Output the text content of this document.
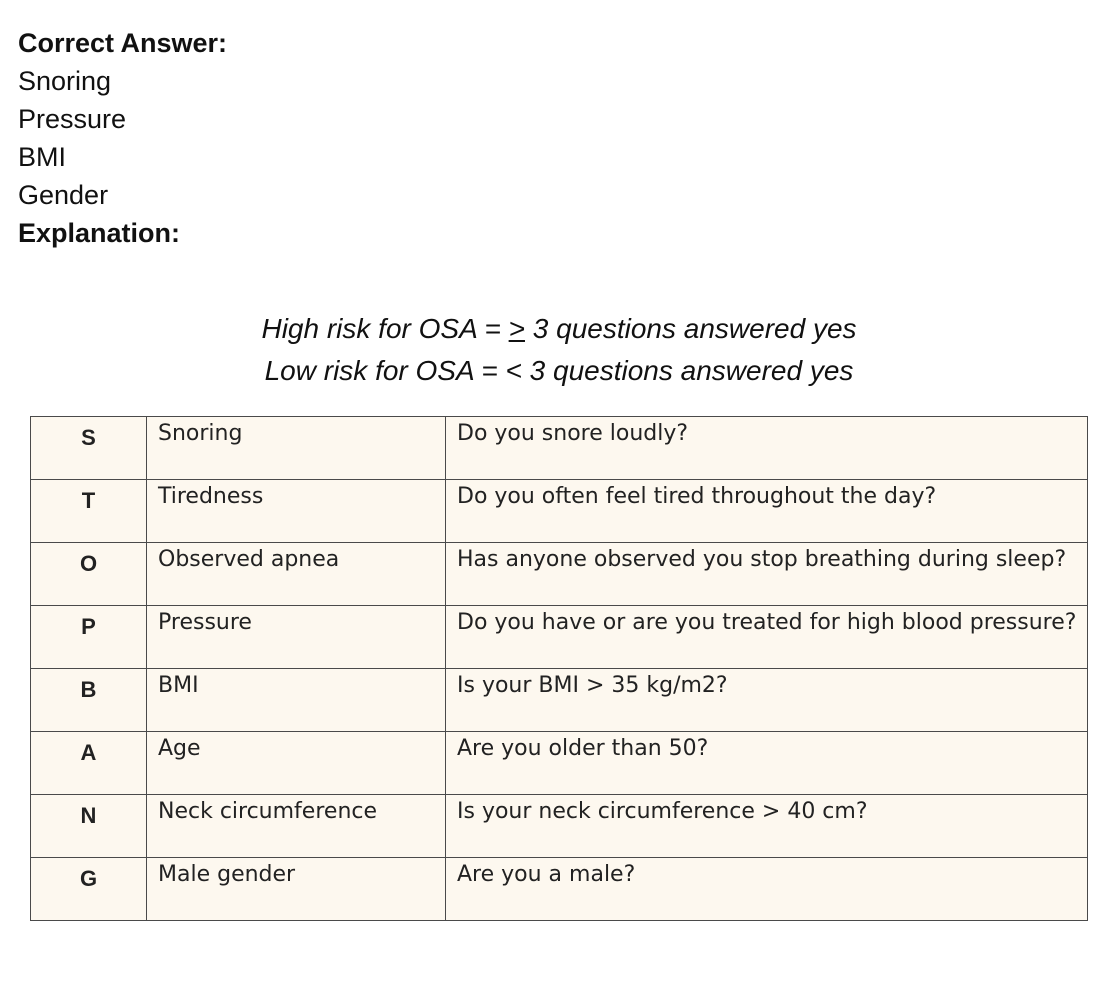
Correct Answer:
Snoring
Pressure
BMI
Gender
Explanation:
High risk for OSA = ≥ 3 questions answered yes
Low risk for OSA = < 3 questions answered yes
S	Snoring	Do you snore loudly?

T	Tiredness	Do you often feel tired throughout the day?

O	Observed apnea	Has anyone observed you stop breathing during sleep?

P	Pressure	Do you have or are you treated for high blood pressure?

B	BMI	Is your BMI > 35 kg/m2?

A	Age	Are you older than 50?

N	Neck circumference	Is your neck circumference > 40 cm?

G	Male gender	Are you a male?
